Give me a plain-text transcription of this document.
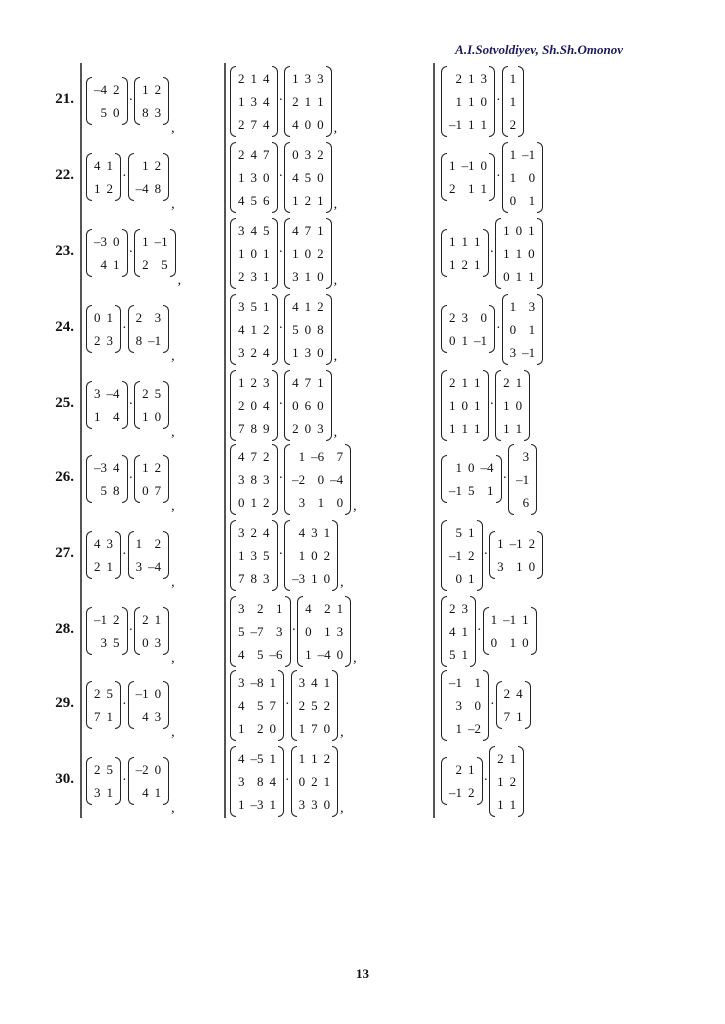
A.I.Sotvoldiyev, Sh.Sh.Omonov
21.
–4 2
5 0
·
1 2
8 3
,
2 1 4
1 3 4
2 7 4
·
1 3 3
2 1 1
4 0 0 ,
2 1 3
1 1 0
–1 1 1
·
1
1
2
22.
4 1
1 2
·
1 2
–4 8
,
2 4 7
1 3 0
4 5 6
·
0 3 2
4 5 0
1 2 1 ,
1 –1 0
2 1 1
·
1 –1
1 0
0 1
23.
–3 0
4 1
·
1 –1
2 5
,
3 4 5
1 0 1
2 3 1
·
4 7 1
1 0 2
3 1 0 ,
1 1 1
1 2 1
·
1 0 1
1 1 0
0 1 1
24.
0 1
2 3
·
2 3
8 –1
,
3 5 1
4 1 2
3 2 4
·
4 1 2
5 0 8
1 3 0 ,
2 3 0
0 1 –1
·
1 3
0 1
3 –1
25.
3 –4
1 4
·
2 5
1 0
,
1 2 3
2 0 4
7 8 9
·
4 7 1
0 6 0
2 0 3 ,
2 1 1
1 0 1
1 1 1
·
2 1
1 0
1 1
26.
–3 4
5 8
·
1 2
0 7
,
4 7 2
3 8 3
0 1 2
·
1 –6 7
–2 0 –4
3 1 0 ,
1 0 –4
–1 5 1
·
3
–1
6
27.
4 3
2 1
·
1 2
3 –4
,
3 2 4
1 3 5
7 8 3
·
4 3 1
1 0 2
–3 1 0 ,
5 1
–1 2
0 1
·
1 –1 2
3 1 0
28.
–1 2
3 5
·
2 1
0 3
,
3 2 1
5 –7 3
4 5 –6
·
4 2 1
0 1 3
1 –4 0 ,
2 3
4 1
5 1
·
1 –1 1
0 1 0
29.
2 5
7 1
·
–1 0
4 3
,
3 –8 1
4 5 7
1 2 0
·
3 4 1
2 5 2
1 7 0 ,
–1 1
3 0
1 –2
·
2 4
7 1
30.
2 5
3 1
·
–2 0
4 1
,
4 –5 1
3 8 4
1 –3 1
·
1 1 2
0 2 1
3 3 0 ,
2 1
–1 2
·
2 1
1 2
1 1
13
